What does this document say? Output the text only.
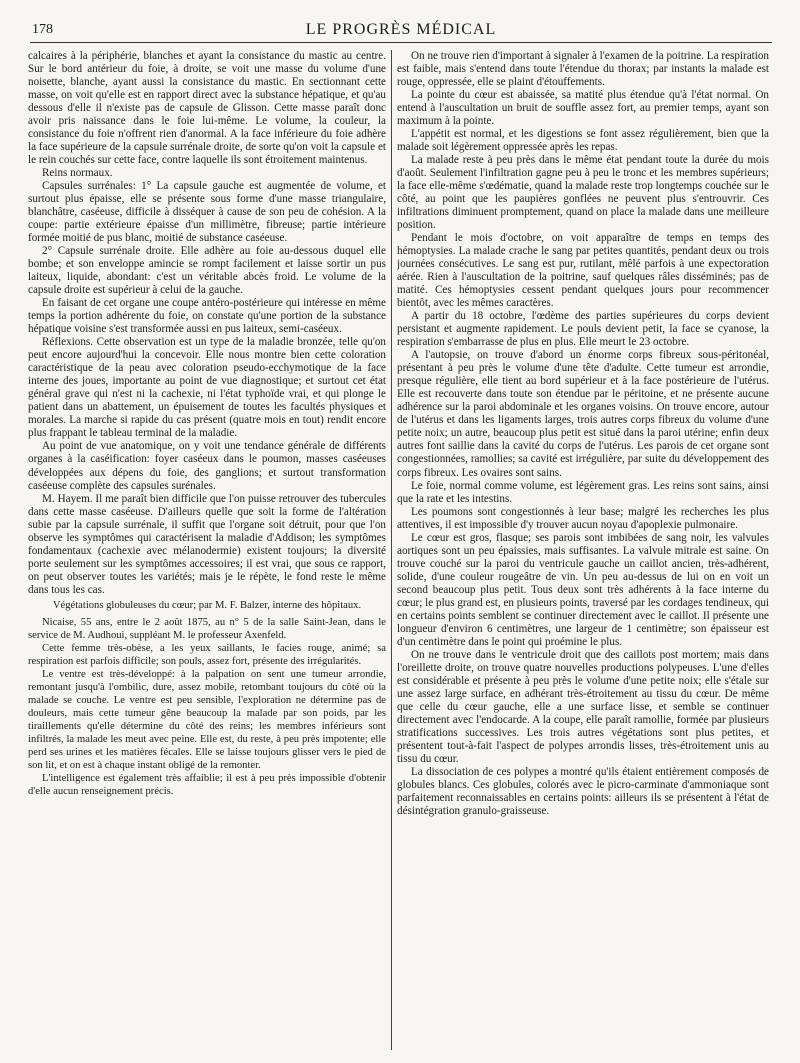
178	LE PROGRÈS MÉDICAL

calcaires à la périphérie, blanches et ayant la consistance du mastic au centre. Sur le bord antérieur du foie, à droite, se voit une masse du volume d'une noisette, blanche, ayant aussi la consistance du mastic. En sectionnant cette masse, on voit qu'elle est en rapport direct avec la substance hépatique, et qu'au dessous d'elle il n'existe pas de capsule de Glisson. Cette masse paraît donc avoir pris naissance dans le foie lui-même. Le volume, la couleur, la consistance du foie n'offrent rien d'anormal. A la face inférieure du foie adhère la face supérieure de la capsule surrénale droite, de sorte qu'on voit la capsule et le rein couchés sur cette face, contre laquelle ils sont étroitement maintenus.

Reins normaux.

Capsules surrénales: 1° La capsule gauche est augmentée de volume, et surtout plus épaisse, elle se présente sous forme d'une masse triangulaire, blanchâtre, caséeuse, difficile à disséquer à cause de son peu de cohésion. A la coupe: partie extérieure épaisse d'un millimètre, fibreuse; partie intérieure formée moitié de pus blanc, moitié de substance caséeuse.

2° Capsule surrénale droite. Elle adhère au foie au-dessous duquel elle bombe; et son enveloppe amincie se rompt facilement et laisse sortir un pus laiteux, liquide, abondant: c'est un véritable abcès froid. Le volume de la capsule droite est supérieur à celui de la gauche.

En faisant de cet organe une coupe antéro-postérieure qui intéresse en même temps la portion adhérente du foie, on constate qu'une portion de la substance hépatique voisine s'est transformée aussi en pus laiteux, semi-caséeux.

Réflexions. Cette observation est un type de la maladie bronzée, telle qu'on peut encore aujourd'hui la concevoir. Elle nous montre bien cette coloration caractéristique de la peau avec coloration pseudo-ecchymotique de la face interne des joues, importante au point de vue diagnostique; et surtout cet état général grave qui n'est ni la cachexie, ni l'état typhoïde vrai, et qui plonge le patient dans un abattement, un épuisement de toutes les facultés physiques et morales. La marche si rapide du cas présent (quatre mois en tout) rendit encore plus frappant le tableau terminal de la maladie.

Au point de vue anatomique, on y voit une tendance générale de différents organes à la caséification: foyer caséeux dans le poumon, masses caséeuses développées aux dépens du foie, des ganglions; et surtout transformation caséeuse complète des capsules surénales.

M. Hayem. Il me paraît bien difficile que l'on puisse retrouver des tubercules dans cette masse caséeuse. D'ailleurs quelle que soit la forme de l'altération subie par la capsule surrénale, il suffit que l'organe soit détruit, pour que l'on observe les symptômes qui caractérisent la maladie d'Addison; les symptômes fondamentaux (cachexie avec mélanodermie) existent toujours; la diversité porte seulement sur les symptômes accessoires; il est vrai, que sous ce rapport, on peut observer toutes les variétés; mais je le répète, le fond reste le même dans tous les cas.

Végétations globuleuses du cœur; par M. F. Balzer, interne des hôpitaux.

Nicaise, 55 ans, entre le 2 août 1875, au n° 5 de la salle Saint-Jean, dans le service de M. Audhoui, suppléant M. le professeur Axenfeld.

Cette femme très-obèse, a les yeux saillants, le facies rouge, animé; sa respiration est parfois difficile; son pouls, assez fort, présente des irrégularités.

Le ventre est très-développé: à la palpation on sent une tumeur arrondie, remontant jusqu'à l'ombilic, dure, assez mobile, retombant toujours du côté où la malade se couche. Le ventre est peu sensible, l'exploration ne détermine pas de douleurs, mais cette tumeur gêne beaucoup la malade par son poids, par les tiraillements qu'elle détermine du côté des reins; les membres inférieurs sont infiltrés, la malade les meut avec peine. Elle est, du reste, à peu près impotente; elle perd ses urines et les matières fécales. Elle se laisse toujours glisser vers le pied de son lit, et on est à chaque instant obligé de la remonter.

L'intelligence est également très affaiblie; il est à peu près impossible d'obtenir d'elle aucun renseignement précis.

On ne trouve rien d'important à signaler à l'examen de la poitrine. La respiration est faible, mais s'entend dans toute l'étendue du thorax; par instants la malade est rouge, oppressée, elle se plaint d'étouffements.

La pointe du cœur est abaissée, sa matité plus étendue qu'à l'état normal. On entend à l'auscultation un bruit de souffle assez fort, au premier temps, ayant son maximum à la pointe.

L'appétit est normal, et les digestions se font assez régulièrement, bien que la malade soit légèrement oppressée après les repas.

La malade reste à peu près dans le même état pendant toute la durée du mois d'août. Seulement l'infiltration gagne peu à peu le tronc et les membres supérieurs; la face elle-même s'œdématie, quand la malade reste trop longtemps couchée sur le côté, au point que les paupières gonflées ne peuvent plus s'entrouvrir. Ces infiltrations diminuent promptement, quand on place la malade dans une meilleure position.

Pendant le mois d'octobre, on voit apparaître de temps en temps des hémoptysies. La malade crache le sang par petites quantités, pendant deux ou trois journées consécutives. Le sang est pur, rutilant, mêlé parfois à une expectoration aérée. Rien à l'auscultation de la poitrine, sauf quelques râles disséminés; pas de matité. Ces hémoptysies cessent pendant quelques jours pour recommencer bientôt, avec les mêmes caractères.

A partir du 18 octobre, l'œdème des parties supérieures du corps devient persistant et augmente rapidement. Le pouls devient petit, la face se cyanose, la respiration s'embarrasse de plus en plus. Elle meurt le 23 octobre.

A l'autopsie, on trouve d'abord un énorme corps fibreux sous-péritonéal, présentant à peu près le volume d'une tête d'adulte. Cette tumeur est arrondie, presque régulière, elle tient au bord supérieur et à la face postérieure de l'utérus. Elle est recouverte dans toute son étendue par le péritoine, et ne présente aucune adhérence sur la paroi abdominale et les organes voisins. On trouve encore, autour de l'utérus et dans les ligaments larges, trois autres corps fibreux du volume d'une petite noix; un autre, beaucoup plus petit est situé dans la paroi utérine; enfin deux autres font saillie dans la cavité du corps de l'utérus. Les parois de cet organe sont congestionnées, ramollies; sa cavité est irrégulière, par suite du développement des corps fibreux. Les ovaires sont sains.

Le foie, normal comme volume, est légèrement gras. Les reins sont sains, ainsi que la rate et les intestins.

Les poumons sont congestionnés à leur base; malgré les recherches les plus attentives, il est impossible d'y trouver aucun noyau d'apoplexie pulmonaire.

Le cœur est gros, flasque; ses parois sont imbibées de sang noir, les valvules aortiques sont un peu épaissies, mais suffisantes. La valvule mitrale est saine. On trouve couché sur la paroi du ventricule gauche un caillot ancien, très-adhérent, solide, d'une couleur rougeâtre de vin. Un peu au-dessus de lui on en voit un second beaucoup plus petit. Tous deux sont très adhérents à la face interne du cœur; le plus grand est, en plusieurs points, traversé par les cordages tendineux, qui en certains points semblent se continuer directement avec le caillot. Il présente une longueur d'environ 6 centimètres, une largeur de 1 centimètre; son épaisseur est d'un centimètre dans le point qui proémine le plus.

On ne trouve dans le ventricule droit que des caillots post mortem; mais dans l'oreillette droite, on trouve quatre nouvelles productions polypeuses. L'une d'elles est considérable et présente à peu près le volume d'une petite noix; elle s'étale sur une assez large surface, en adhérant très-étroitement au tissu du cœur. De même que celle du cœur gauche, elle a une surface lisse, et semble se continuer directement avec l'endocarde. A la coupe, elle paraît ramollie, formée par plusieurs stratifications successives. Les trois autres végétations sont plus petites, et présentent tout-à-fait l'aspect de polypes arrondis lisses, très-étroitement unis au tissu du cœur.

La dissociation de ces polypes a montré qu'ils étaient entièrement composés de globules blancs. Ces globules, colorés avec le picro-carminate d'ammoniaque sont parfaitement reconnaissables en certains points: ailleurs ils se présentent à l'état de désintégration granulo-graisseuse.
